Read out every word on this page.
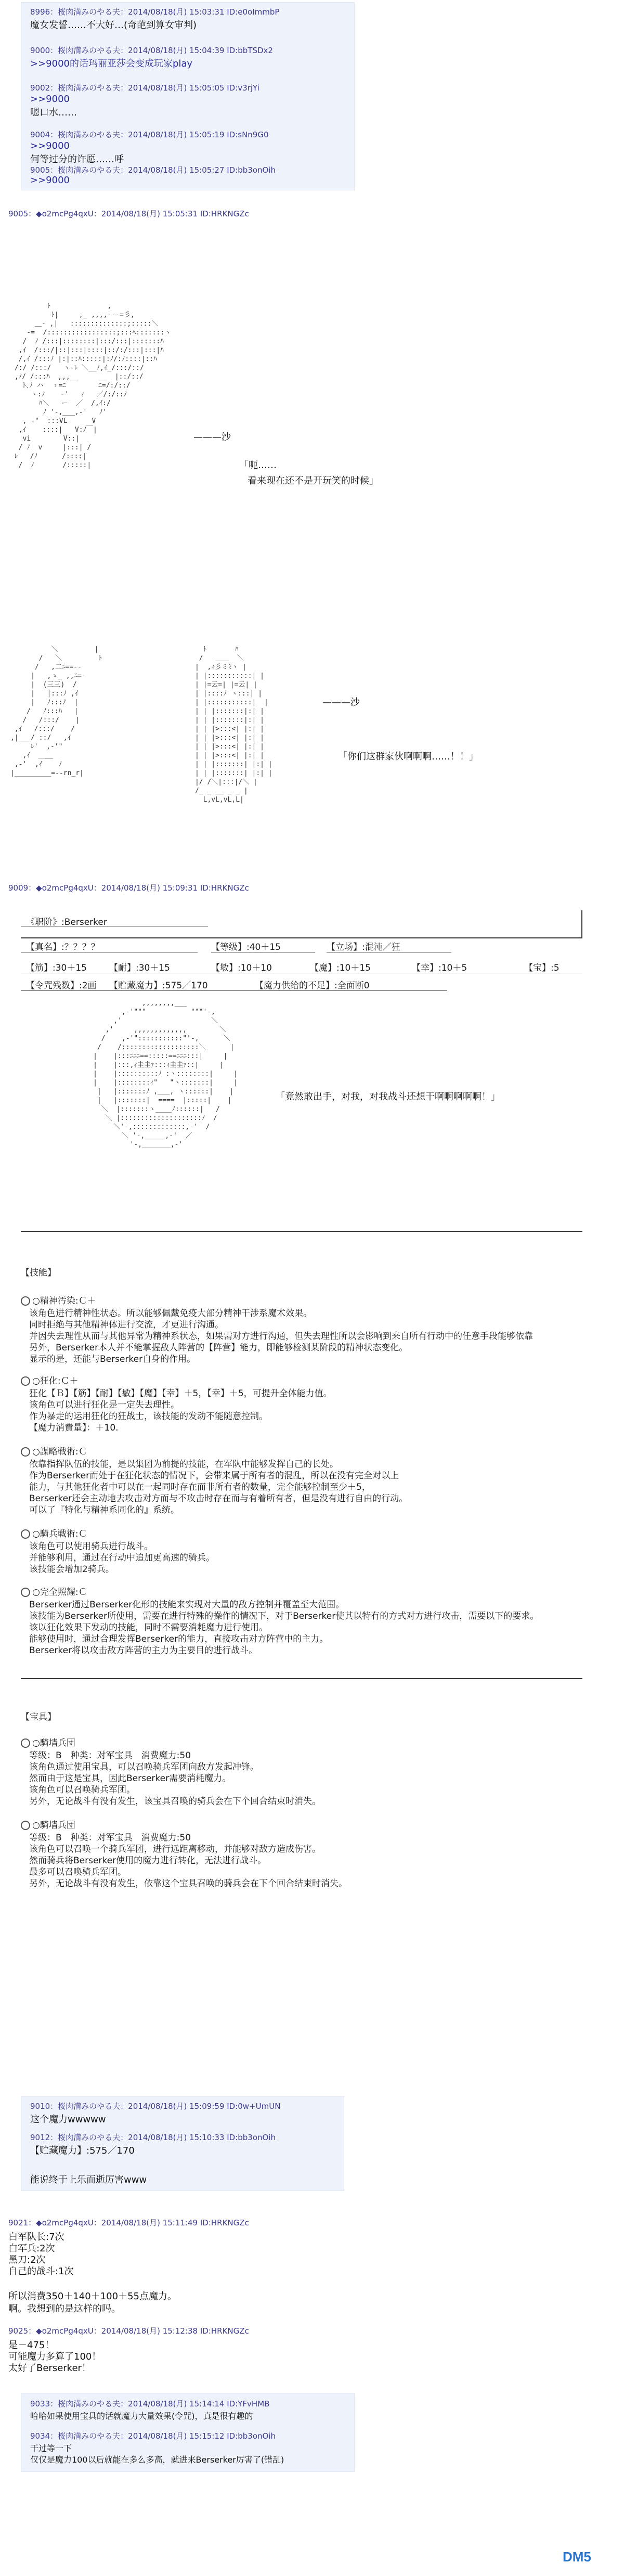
8996：桜肉満みのやる夫：2014/08/18(月) 15:03:31 ID:e0oImmbP
魔女发誓……不大好…(奇葩到算女审判)
9000：桜肉満みのやる夫：2014/08/18(月) 15:04:39 ID:bbTSDx2
>>9000的话玛丽亚莎会变成玩家play
9002：桜肉満みのやる夫：2014/08/18(月) 15:05:05 ID:v3rjYi
>>9000
嗯口水……
9004：桜肉満みのやる夫：2014/08/18(月) 15:05:19 ID:sNn9G0
>>9000
何等过分的许愿……呼
9005：桜肉満みのやる夫：2014/08/18(月) 15:05:27 ID:bb3onOih
>>9000
9005：◆o2mcPg4qxU：2014/08/18(月) 15:05:31 ID:HRKNGZc
ﾄ              ,
ﾄ|     ,_ ,,,,---=彡,
＿- ,|   ::::::::::::::;:::::＼
-=  /:::::::::::::::::;:::ﾍ:::::::ヽ
/  ﾉ /:::|::::::::|:::/:::|:::::::ﾊ
,ｲ  /:::/|::|:::|::::|::/:/:::|:::|ﾊ
/,ｲ /:::ﾉ |:|::ﾊ:::::|:ﾉ/:ﾉ::::|::ﾊ
/:/ /:::/   ヽ-ﾚ ＼__ﾉ,ｲ_/:::/::/
,ﾉ/ /:::ﾊ  ,,,__     __  |::/::/
ﾄ､ﾉ ハ  ゝ=ﾆ        ﾆ=/:/::/
ヽ:ﾉ    ｰ'   ｨ   ／/:/::ﾉ
ﾊ＼   ー  ／  /,ｲ:/
ﾉ '-,___,-'   ﾉ'
, -"  :::VL      V
,ｲ    ::::|   V:ﾉ￣|
vi        V::|
/ ﾉ  v     |:::| /
ﾚ   /ﾉ      /::::|
/  ﾉ       /:::::|

———沙
「呃……
看来现在还不是开玩笑的时候」
＼         |
/   ＼         ﾄ
/   ,二ﾆ==--
|   ,ゝ_ ,,ﾆ=-
|  (三三)  /
|   |:::ﾉ ,ｲ
|   ﾉ:::ﾉ  |
/   ﾉ:::ﾊ   |
/   /:::/    |
,ｲ   /:::/    /
,|___/ ::/   ,ｲ
ﾚ'  ,-'"
,ｲ  ＿__
,-'  ,ｲ    ﾉ
|_________=--rn_r|

ﾄ       ﾊ
/   ＿＿  ＼
|  ,ｨ彡ミﾐヽ |
| |:::::::::::| |
| |=云=| |=云| |
| |::::ﾉ ヽ:::| |
| |:::::::::::|  |
| | |:::::::|:| |
| | |:::::::|:| |
| | |>:::<| |:| |
| | |>:::<| |:| |
| | |>:::<| |:| |
| | |>:::<| |:| |
| | |:::::::| |:| |
| | |:::::::| |:| |
|/ /＼|:::|/＼ |
/_ _ __ _ _ |
L,vL,vL,L|

———沙
「你们这群家伙啊啊啊……！！」
9009：◆o2mcPg4qxU：2014/08/18(月) 15:09:31 ID:HRKNGZc
《职阶》:Berserker
【真名】:？？？？	【等级】:40＋15	【立场】:混沌／狂
【筋】:30＋15	【耐】:30＋15	【敏】:10＋10	【魔】:10＋15	【幸】:10＋5	【宝】:5
【令咒残数】:2画 【贮藏魔力】:575／170	【魔力供给的不足】:全面断0
,,,,,,,,___
,-'"""           """'-,
,'                      ＼
,'     ,,,,,,,,,,,,,        ＼
/    ,-'":::::::::::"'-,      ＼
/    /:::::::::::::::::::＼      |
|    |:::ﾆﾆﾆ==:::::==ﾆﾆﾆ:::|     |
|    |:::,ｨ圭圭ｧ:::ｨ圭圭ｧ::|     |
|    |::::::::::ﾉ :ヽ::::::::|     |
|    |::::::::ｨ"   "ヽ:::::::|     |
|   |:::::::ﾉ ,___, ヽ::::::|    |
|   |:::::::|  ====  |:::::|    |
＼  |:::::::ヽ____ﾉ::::::|   /
＼ |::::::::::::::::::::ﾉ  /
＼'-,:::::::::::::,-'  /
＼ '-,_____,-'  ／
'-,_______,-'

「竟然敢出手，对我，对我战斗还想干啊啊啊啊啊！」
【技能】
○精神汚染:Ｃ＋
该角色进行精神性状态。所以能够佩戴免疫大部分精神干涉系魔术效果。
同时拒绝与其他精神体进行交流，才更进行沟通。
并因失去理性从而与其他异常为精神系状态，如果需对方进行沟通，但失去理性所以会影响到来自所有行动中的任意手段能够依靠
另外，Berserker本人并不能掌握敌人阵营的【阵营】能力，即能够检测某阶段的精神状态变化。
显示的是，还能与Berserker自身的作用。
○狂化:Ｃ＋
狂化【Ｂ】【筋】【耐】【敏】【魔】【幸】＋5，【幸】＋5，可提升全体能力值。
该角色可以进行狂化是一定失去理性。
作为暴走的运用狂化的狂战士，该技能的发动不能随意控制。
【魔力消費量】：＋10.
○謀略戦術:Ｃ
依靠指挥队伍的技能，是以集团为前提的技能，在军队中能够发挥自己的长处。
作为Berserker而处于在狂化状态的情况下，会带来属于所有者的混乱，所以在没有完全对以上
能力，与其他狂化者中可以在一起同时存在而非所有者的数量，完全能够控制至少＋5，
Berserker还会主动地去攻击对方而与不攻击时存在而与有着所有者，但是没有进行自由的行动。
可以了『特化与精神系同化的』系统。
○騎兵戦術:Ｃ
该角色可以使用骑兵进行战斗。
并能够利用，通过在行动中追加更高速的骑兵。
该技能会增加2骑兵。
○完全照耀:Ｃ
Berserker通过Berserker化形的技能来实现对大量的敌方控制并覆盖至大范围。
该技能为Berserker所使用，需要在进行特殊的操作的情况下，对于Berserker使其以特有的方式对方进行攻击，需要以下的要求。
该以狂化效果下发动的技能，同时不需要消耗魔力进行使用。
能够使用时，通过合理发挥Berserker的能力，直接攻击对方阵营中的主力。
Berserker将以攻击敌方阵营的主力为主要目的进行战斗。
【宝具】
○騎墙兵団
等级：B　种类：对军宝具　消费魔力:50
该角色通过使用宝具，可以召唤骑兵军团向敌方发起冲锋。
然而由于这是宝具，因此Berserker需要消耗魔力。
该角色可以召唤骑兵军团。
另外，无论战斗有没有发生，该宝具召唤的骑兵会在下个回合结束时消失。
○騎墙兵団
等级：B　种类：对军宝具　消费魔力:50
该角色可以召唤一个骑兵军团，进行远距离移动，并能够对敌方造成伤害。
然而骑兵将Berserker使用的魔力进行转化，无法进行战斗。
最多可以召唤骑兵军团。
另外，无论战斗有没有发生，依靠这个宝具召唤的骑兵会在下个回合结束时消失。
9010：桜肉満みのやる夫：2014/08/18(月) 15:09:59 ID:0w+UmUN
这个魔力wwwww
9012：桜肉満みのやる夫：2014/08/18(月) 15:10:33 ID:bb3onOih
【贮藏魔力】:575／170
能说终于上乐而逝厉害www
9021：◆o2mcPg4qxU：2014/08/18(月) 15:11:49 ID:HRKNGZc
白军队长:7次
白军兵:2次
黑刀:2次
自己的战斗:1次
所以消费350＋140＋100＋55点魔力。
啊。我想到的是这样的吗。
9025：◆o2mcPg4qxU：2014/08/18(月) 15:12:38 ID:HRKNGZc
是－475！
可能魔力多算了100！
太好了Berserker！
9033：桜肉満みのやる夫：2014/08/18(月) 15:14:14 ID:YFvHMB
哈哈如果使用宝具的话就魔力大量效果(令咒)，真是很有趣的
9034：桜肉満みのやる夫：2014/08/18(月) 15:15:12 ID:bb3onOih
干过等一下
仅仅是魔力100以后就能在多么多高，就进来Berserker厉害了(错乱)
DM5
